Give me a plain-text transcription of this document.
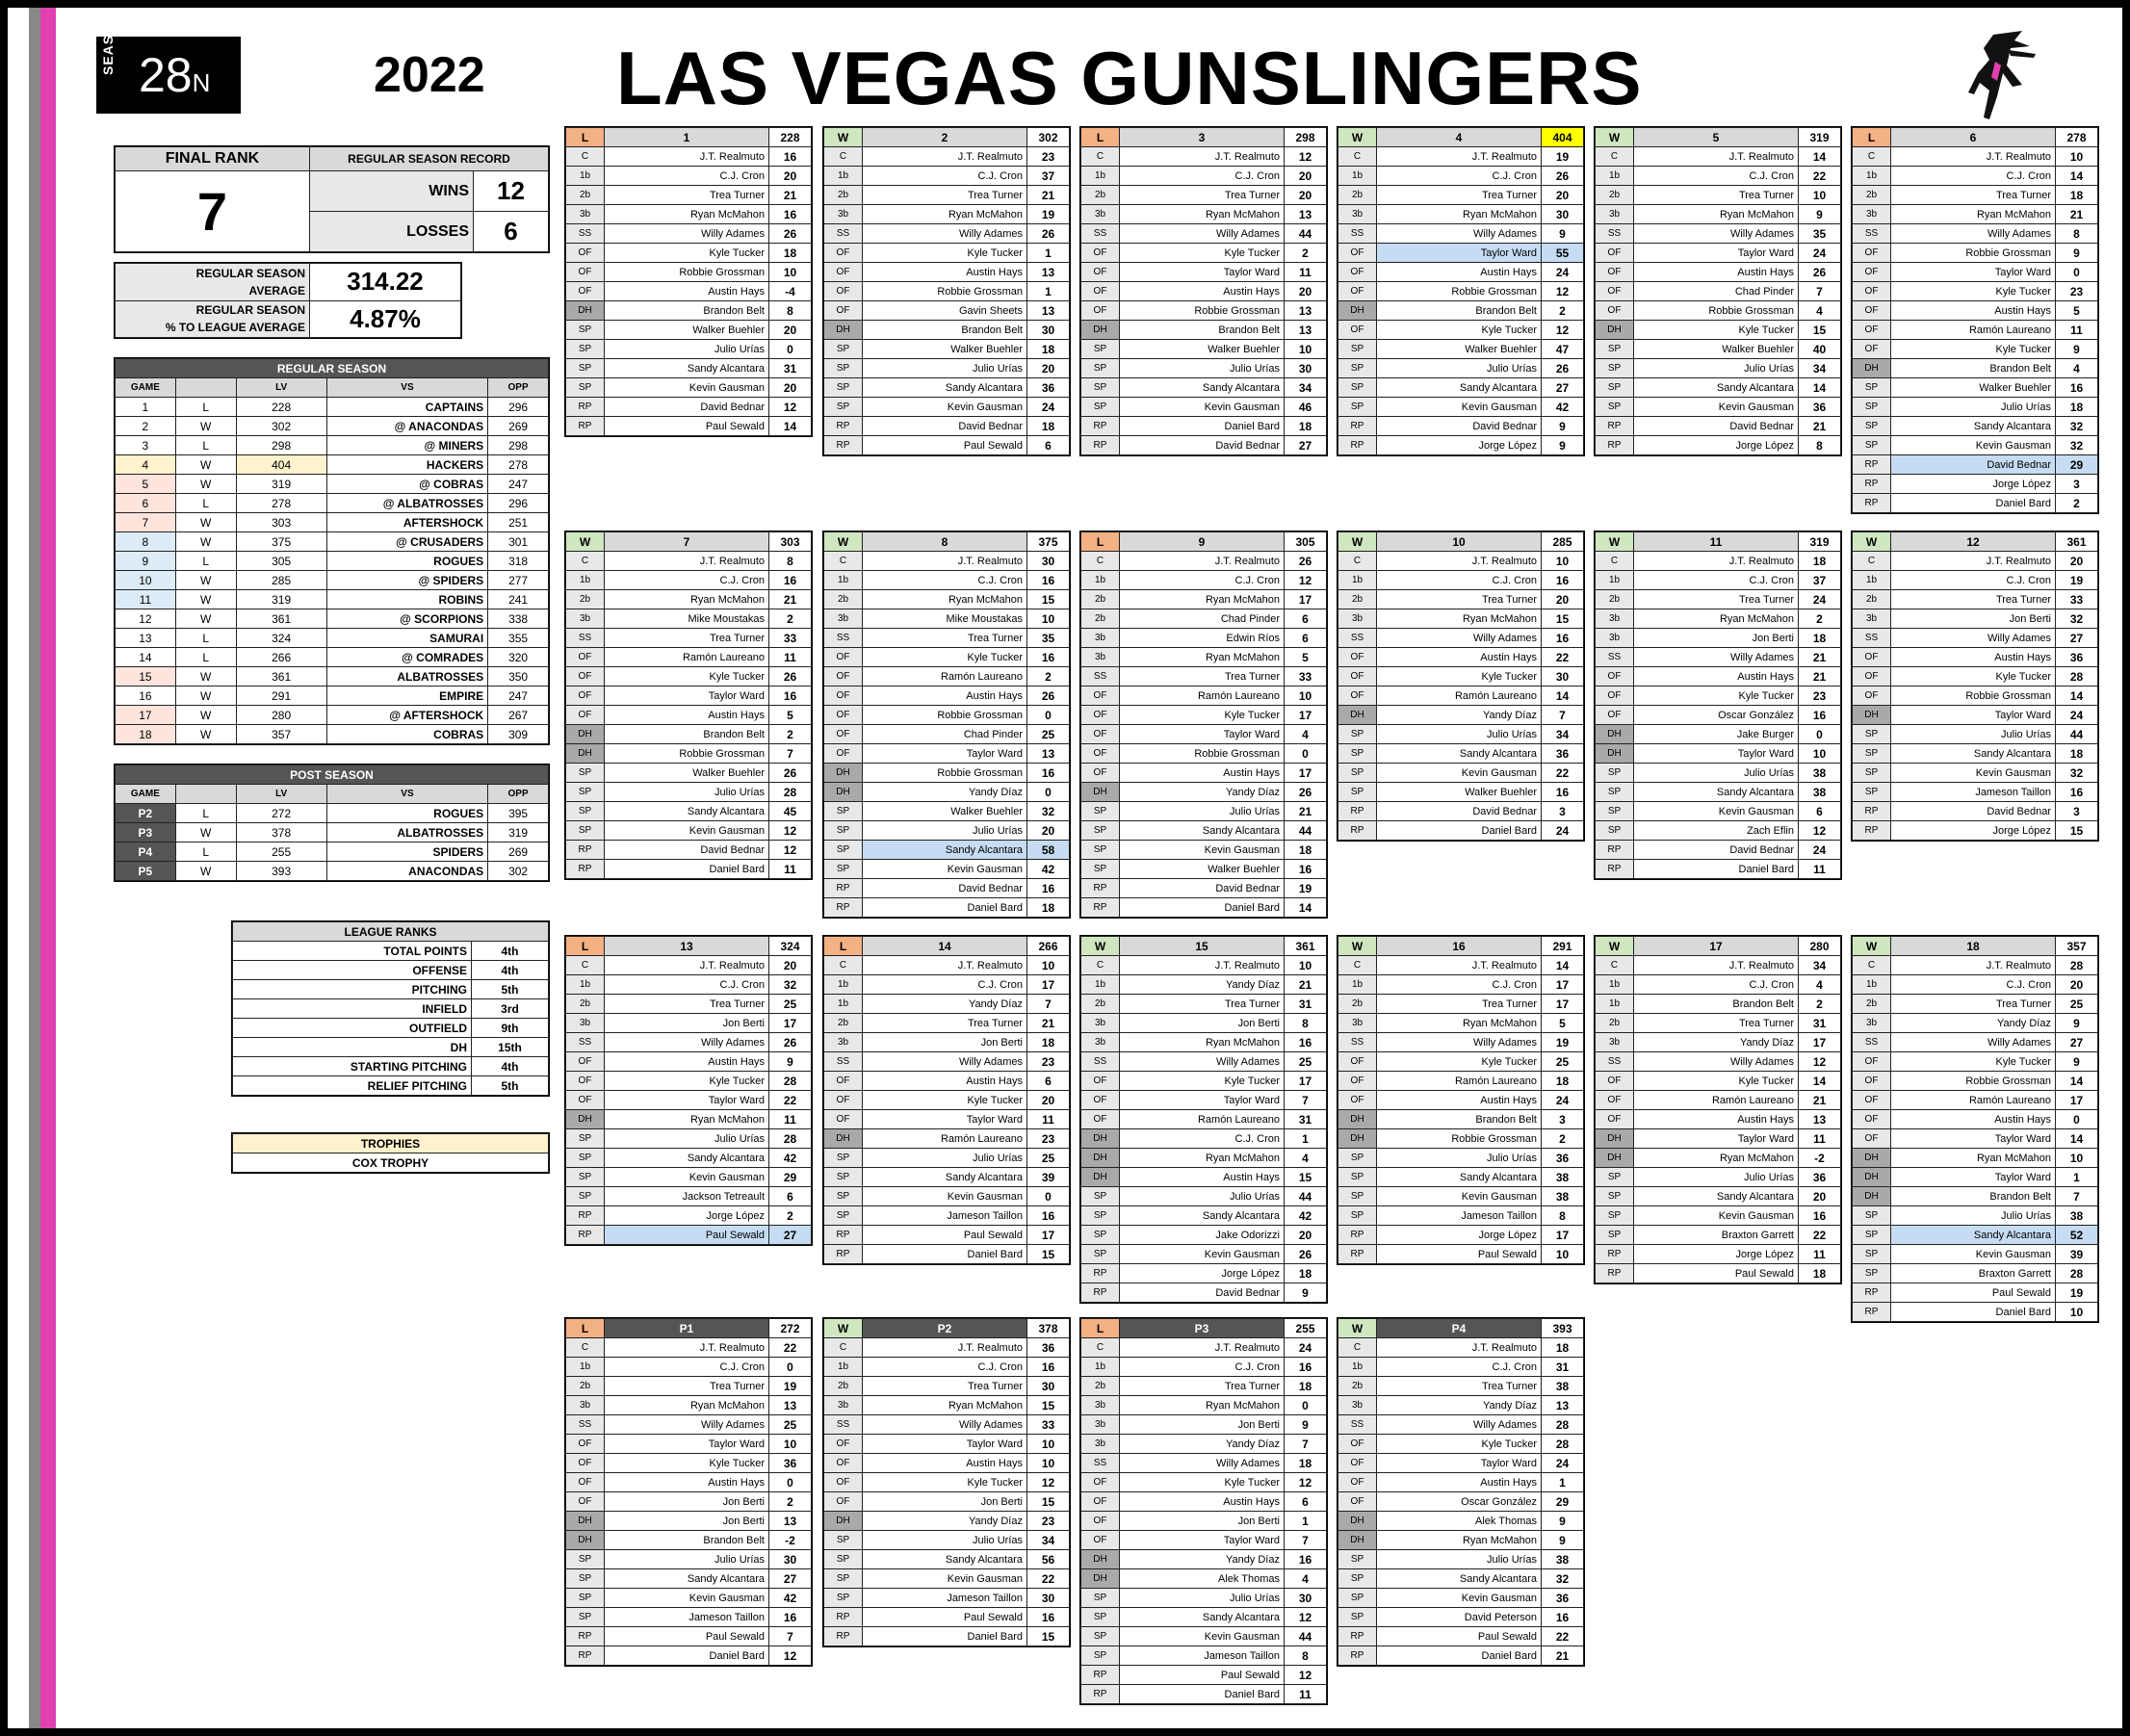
SEASON 28N	2022 LAS VEGAS GUNSLINGERS
FINAL RANK	REGULAR SEASON RECORD	
7	WINS	12
	LOSSES	6
REGULAR SEASON
AVERAGE	314.22
REGULAR SEASON
% TO LEAGUE AVERAGE	4.87%
REGULAR SEASON				
GAME		LV	VS	OPP
1	L	228	CAPTAINS	296
2	W	302	@ ANACONDAS	269
3	L	298	@ MINERS	298
4	W	404	HACKERS	278
5	W	319	@ COBRAS	247
6	L	278	@ ALBATROSSES	296
7	W	303	AFTERSHOCK	251
8	W	375	@ CRUSADERS	301
9	L	305	ROGUES	318
10	W	285	@ SPIDERS	277
11	W	319	ROBINS	241
12	W	361	@ SCORPIONS	338
13	L	324	SAMURAI	355
14	L	266	@ COMRADES	320
15	W	361	ALBATROSSES	350
16	W	291	EMPIRE	247
17	W	280	@ AFTERSHOCK	267
18	W	357	COBRAS	309
POST SEASON				
GAME		LV	VS	OPP
P2	L	272	ROGUES	395
P3	W	378	ALBATROSSES	319
P4	L	255	SPIDERS	269
P5	W	393	ANACONDAS	302
LEAGUE RANKS	
TOTAL POINTS	4th
OFFENSE	4th
PITCHING	5th
INFIELD	3rd
OUTFIELD	9th
DH	15th
STARTING PITCHING	4th
RELIEF PITCHING	5th
TROPHIES
COX TROPHY
L	1	228
C	J.T. Realmuto	16
1b	C.J. Cron	20
2b	Trea Turner	21
3b	Ryan McMahon	16
SS	Willy Adames	26
OF	Kyle Tucker	18
OF	Robbie Grossman	10
OF	Austin Hays	-4
DH	Brandon Belt	8
SP	Walker Buehler	20
SP	Julio Urías	0
SP	Sandy Alcantara	31
SP	Kevin Gausman	20
RP	David Bednar	12
RP	Paul Sewald	14
W	2	302
C	J.T. Realmuto	23
1b	C.J. Cron	37
2b	Trea Turner	21
3b	Ryan McMahon	19
SS	Willy Adames	26
OF	Kyle Tucker	1
OF	Austin Hays	13
OF	Robbie Grossman	1
OF	Gavin Sheets	13
DH	Brandon Belt	30
SP	Walker Buehler	18
SP	Julio Urías	20
SP	Sandy Alcantara	36
SP	Kevin Gausman	24
RP	David Bednar	18
RP	Paul Sewald	6
L	3	298
C	J.T. Realmuto	12
1b	C.J. Cron	20
2b	Trea Turner	20
3b	Ryan McMahon	13
SS	Willy Adames	44
OF	Kyle Tucker	2
OF	Taylor Ward	11
OF	Austin Hays	20
OF	Robbie Grossman	13
DH	Brandon Belt	13
SP	Walker Buehler	10
SP	Julio Urías	30
SP	Sandy Alcantara	34
SP	Kevin Gausman	46
RP	Daniel Bard	18
RP	David Bednar	27
W	4	404
C	J.T. Realmuto	19
1b	C.J. Cron	26
2b	Trea Turner	20
3b	Ryan McMahon	30
SS	Willy Adames	9
OF	Taylor Ward	55
OF	Austin Hays	24
OF	Robbie Grossman	12
DH	Brandon Belt	2
OF	Kyle Tucker	12
SP	Walker Buehler	47
SP	Julio Urías	26
SP	Sandy Alcantara	27
SP	Kevin Gausman	42
RP	David Bednar	9
RP	Jorge López	9
W	5	319
C	J.T. Realmuto	14
1b	C.J. Cron	22
2b	Trea Turner	10
3b	Ryan McMahon	9
SS	Willy Adames	35
OF	Taylor Ward	24
OF	Austin Hays	26
OF	Chad Pinder	7
OF	Robbie Grossman	4
DH	Kyle Tucker	15
SP	Walker Buehler	40
SP	Julio Urías	34
SP	Sandy Alcantara	14
SP	Kevin Gausman	36
RP	David Bednar	21
RP	Jorge López	8
L	6	278
C	J.T. Realmuto	10
1b	C.J. Cron	14
2b	Trea Turner	18
3b	Ryan McMahon	21
SS	Willy Adames	8
OF	Robbie Grossman	9
OF	Taylor Ward	0
OF	Kyle Tucker	23
OF	Austin Hays	5
OF	Ramón Laureano	11
OF	Kyle Tucker	9
DH	Brandon Belt	4
SP	Walker Buehler	16
SP	Julio Urías	18
SP	Sandy Alcantara	32
SP	Kevin Gausman	32
RP	David Bednar	29
RP	Jorge López	3
RP	Daniel Bard	2
W	7	303
C	J.T. Realmuto	8
1b	C.J. Cron	16
2b	Ryan McMahon	21
3b	Mike Moustakas	2
SS	Trea Turner	33
OF	Ramón Laureano	11
OF	Kyle Tucker	26
OF	Taylor Ward	16
OF	Austin Hays	5
DH	Brandon Belt	2
DH	Robbie Grossman	7
SP	Walker Buehler	26
SP	Julio Urías	28
SP	Sandy Alcantara	45
SP	Kevin Gausman	12
RP	David Bednar	12
RP	Daniel Bard	11
W	8	375
C	J.T. Realmuto	30
1b	C.J. Cron	16
2b	Ryan McMahon	15
3b	Mike Moustakas	10
SS	Trea Turner	35
OF	Kyle Tucker	16
OF	Ramón Laureano	2
OF	Austin Hays	26
OF	Robbie Grossman	0
OF	Chad Pinder	25
OF	Taylor Ward	13
DH	Robbie Grossman	16
DH	Yandy Díaz	0
SP	Walker Buehler	32
SP	Julio Urías	20
SP	Sandy Alcantara	58
SP	Kevin Gausman	42
RP	David Bednar	16
RP	Daniel Bard	18
L	9	305
C	J.T. Realmuto	26
1b	C.J. Cron	12
2b	Ryan McMahon	17
2b	Chad Pinder	6
3b	Edwin Ríos	6
3b	Ryan McMahon	5
SS	Trea Turner	33
OF	Ramón Laureano	10
OF	Kyle Tucker	17
OF	Taylor Ward	4
OF	Robbie Grossman	0
OF	Austin Hays	17
DH	Yandy Díaz	26
SP	Julio Urías	21
SP	Sandy Alcantara	44
SP	Kevin Gausman	18
SP	Walker Buehler	16
RP	David Bednar	19
RP	Daniel Bard	14
W	10	285
C	J.T. Realmuto	10
1b	C.J. Cron	16
2b	Trea Turner	20
3b	Ryan McMahon	15
SS	Willy Adames	16
OF	Austin Hays	22
OF	Kyle Tucker	30
OF	Ramón Laureano	14
DH	Yandy Díaz	7
SP	Julio Urías	34
SP	Sandy Alcantara	36
SP	Kevin Gausman	22
SP	Walker Buehler	16
RP	David Bednar	3
RP	Daniel Bard	24
W	11	319
C	J.T. Realmuto	18
1b	C.J. Cron	37
2b	Trea Turner	24
3b	Ryan McMahon	2
3b	Jon Berti	18
SS	Willy Adames	21
OF	Austin Hays	21
OF	Kyle Tucker	23
OF	Oscar González	16
DH	Jake Burger	0
DH	Taylor Ward	10
SP	Julio Urías	38
SP	Sandy Alcantara	38
SP	Kevin Gausman	6
SP	Zach Eflin	12
RP	David Bednar	24
RP	Daniel Bard	11
W	12	361
C	J.T. Realmuto	20
1b	C.J. Cron	19
2b	Trea Turner	33
3b	Jon Berti	32
SS	Willy Adames	27
OF	Austin Hays	36
OF	Kyle Tucker	28
OF	Robbie Grossman	14
DH	Taylor Ward	24
SP	Julio Urías	44
SP	Sandy Alcantara	18
SP	Kevin Gausman	32
SP	Jameson Taillon	16
RP	David Bednar	3
RP	Jorge López	15
L	13	324
C	J.T. Realmuto	20
1b	C.J. Cron	32
2b	Trea Turner	25
3b	Jon Berti	17
SS	Willy Adames	26
OF	Austin Hays	9
OF	Kyle Tucker	28
OF	Taylor Ward	22
DH	Ryan McMahon	11
SP	Julio Urías	28
SP	Sandy Alcantara	42
SP	Kevin Gausman	29
SP	Jackson Tetreault	6
RP	Jorge López	2
RP	Paul Sewald	27
L	14	266
C	J.T. Realmuto	10
1b	C.J. Cron	17
1b	Yandy Díaz	7
2b	Trea Turner	21
3b	Jon Berti	18
SS	Willy Adames	23
OF	Austin Hays	6
OF	Kyle Tucker	20
OF	Taylor Ward	11
DH	Ramón Laureano	23
SP	Julio Urías	25
SP	Sandy Alcantara	39
SP	Kevin Gausman	0
SP	Jameson Taillon	16
RP	Paul Sewald	17
RP	Daniel Bard	15
W	15	361
C	J.T. Realmuto	10
1b	Yandy Díaz	21
2b	Trea Turner	31
3b	Jon Berti	8
3b	Ryan McMahon	16
SS	Willy Adames	25
OF	Kyle Tucker	17
OF	Taylor Ward	7
OF	Ramón Laureano	31
DH	C.J. Cron	1
DH	Ryan McMahon	4
DH	Austin Hays	15
SP	Julio Urías	44
SP	Sandy Alcantara	42
SP	Jake Odorizzi	20
SP	Kevin Gausman	26
RP	Jorge López	18
RP	David Bednar	9
W	16	291
C	J.T. Realmuto	14
1b	C.J. Cron	17
2b	Trea Turner	17
3b	Ryan McMahon	5
SS	Willy Adames	19
OF	Kyle Tucker	25
OF	Ramón Laureano	18
OF	Austin Hays	24
DH	Brandon Belt	3
DH	Robbie Grossman	2
SP	Julio Urías	36
SP	Sandy Alcantara	38
SP	Kevin Gausman	38
SP	Jameson Taillon	8
RP	Jorge López	17
RP	Paul Sewald	10
W	17	280
C	J.T. Realmuto	34
1b	C.J. Cron	4
1b	Brandon Belt	2
2b	Trea Turner	31
3b	Yandy Díaz	17
SS	Willy Adames	12
OF	Kyle Tucker	14
OF	Ramón Laureano	21
OF	Austin Hays	13
DH	Taylor Ward	11
DH	Ryan McMahon	-2
SP	Julio Urías	36
SP	Sandy Alcantara	20
SP	Kevin Gausman	16
SP	Braxton Garrett	22
RP	Jorge López	11
RP	Paul Sewald	18
W	18	357
C	J.T. Realmuto	28
1b	C.J. Cron	20
2b	Trea Turner	25
3b	Yandy Díaz	9
SS	Willy Adames	27
OF	Kyle Tucker	9
OF	Robbie Grossman	14
OF	Ramón Laureano	17
OF	Austin Hays	0
OF	Taylor Ward	14
DH	Ryan McMahon	10
DH	Taylor Ward	1
DH	Brandon Belt	7
SP	Julio Urías	38
SP	Sandy Alcantara	52
SP	Kevin Gausman	39
SP	Braxton Garrett	28
RP	Paul Sewald	19
RP	Daniel Bard	10
L	P1	272
C	J.T. Realmuto	22
1b	C.J. Cron	0
2b	Trea Turner	19
3b	Ryan McMahon	13
SS	Willy Adames	25
OF	Taylor Ward	10
OF	Kyle Tucker	36
OF	Austin Hays	0
OF	Jon Berti	2
DH	Jon Berti	13
DH	Brandon Belt	-2
SP	Julio Urías	30
SP	Sandy Alcantara	27
SP	Kevin Gausman	42
SP	Jameson Taillon	16
RP	Paul Sewald	7
RP	Daniel Bard	12
W	P2	378
C	J.T. Realmuto	36
1b	C.J. Cron	16
2b	Trea Turner	30
3b	Ryan McMahon	15
SS	Willy Adames	33
OF	Taylor Ward	10
OF	Austin Hays	10
OF	Kyle Tucker	12
OF	Jon Berti	15
DH	Yandy Díaz	23
SP	Julio Urías	34
SP	Sandy Alcantara	56
SP	Kevin Gausman	22
SP	Jameson Taillon	30
RP	Paul Sewald	16
RP	Daniel Bard	15
L	P3	255
C	J.T. Realmuto	24
1b	C.J. Cron	16
2b	Trea Turner	18
3b	Ryan McMahon	0
3b	Jon Berti	9
3b	Yandy Díaz	7
SS	Willy Adames	18
OF	Kyle Tucker	12
OF	Austin Hays	6
OF	Jon Berti	1
OF	Taylor Ward	7
DH	Yandy Díaz	16
DH	Alek Thomas	4
SP	Julio Urías	30
SP	Sandy Alcantara	12
SP	Kevin Gausman	44
SP	Jameson Taillon	8
RP	Paul Sewald	12
RP	Daniel Bard	11
W	P4	393
C	J.T. Realmuto	18
1b	C.J. Cron	31
2b	Trea Turner	38
3b	Yandy Díaz	13
SS	Willy Adames	28
OF	Kyle Tucker	28
OF	Taylor Ward	24
OF	Austin Hays	1
OF	Oscar González	29
DH	Alek Thomas	9
DH	Ryan McMahon	9
SP	Julio Urías	38
SP	Sandy Alcantara	32
SP	Kevin Gausman	36
SP	David Peterson	16
RP	Paul Sewald	22
RP	Daniel Bard	21
